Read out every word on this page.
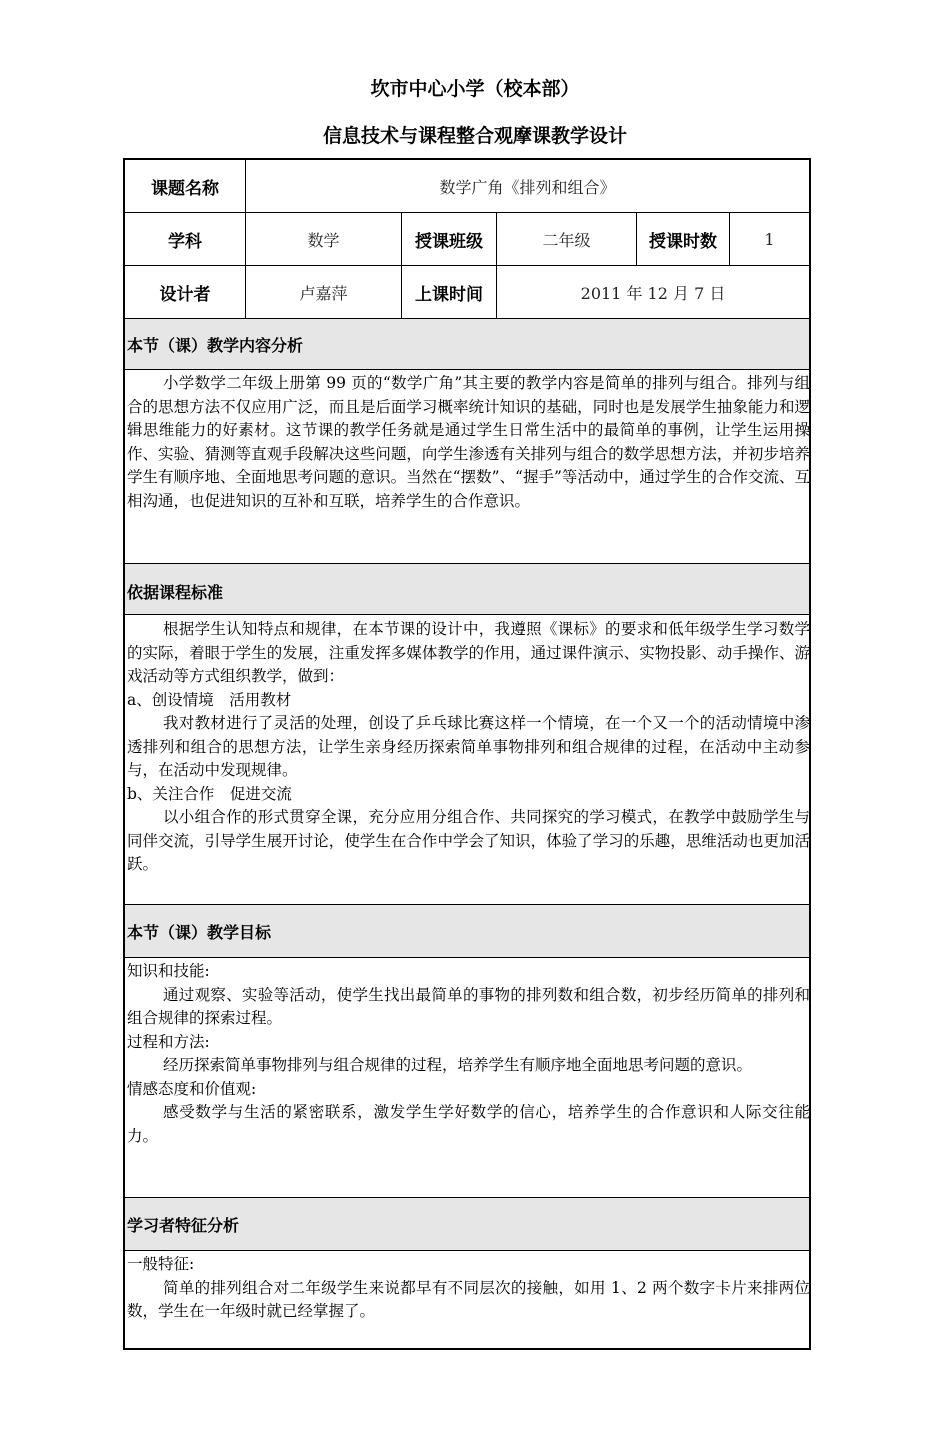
坎市中心小学（校本部）
信息技术与课程整合观摩课教学设计
课题名称	数学广角《排列和组合》
学科	数学	授课班级	二年级	授课时数	1
设计者	卢嘉萍	上课时间	2011 年 12 月 7 日
本节（课）教学内容分析

小学数学二年级上册第 99 页的“数学广角”其主要的教学内容是简单的排列与组合。排列与组合的思想方法不仅应用广泛，而且是后面学习概率统计知识的基础，同时也是发展学生抽象能力和逻辑思维能力的好素材。这节课的教学任务就是通过学生日常生活中的最简单的事例，让学生运用操作、实验、猜测等直观手段解决这些问题，向学生渗透有关排列与组合的数学思想方法，并初步培养学生有顺序地、全面地思考问题的意识。当然在“摆数”、“握手”等活动中，通过学生的合作交流、互相沟通，也促进知识的互补和互联，培养学生的合作意识。

依据课程标准

根据学生认知特点和规律，在本节课的设计中，我遵照《课标》的要求和低年级学生学习数学的实际，着眼于学生的发展，注重发挥多媒体教学的作用，通过课件演示、实物投影、动手操作、游戏活动等方式组织教学，做到：

a、创设情境　活用教材

我对教材进行了灵活的处理，创设了乒乓球比赛这样一个情境，在一个又一个的活动情境中渗透排列和组合的思想方法，让学生亲身经历探索简单事物排列和组合规律的过程，在活动中主动参与，在活动中发现规律。

b、关注合作　促进交流

以小组合作的形式贯穿全课，充分应用分组合作、共同探究的学习模式，在教学中鼓励学生与同伴交流，引导学生展开讨论，使学生在合作中学会了知识，体验了学习的乐趣，思维活动也更加活跃。

本节（课）教学目标

知识和技能:

通过观察、实验等活动，使学生找出最简单的事物的排列数和组合数，初步经历简单的排列和组合规律的探索过程。

过程和方法:

经历探索简单事物排列与组合规律的过程，培养学生有顺序地全面地思考问题的意识。

情感态度和价值观:

感受数学与生活的紧密联系，激发学生学好数学的信心，培养学生的合作意识和人际交往能力。

学习者特征分析

一般特征:

简单的排列组合对二年级学生来说都早有不同层次的接触，如用 1、2 两个数字卡片来排两位数，学生在一年级时就已经掌握了。
